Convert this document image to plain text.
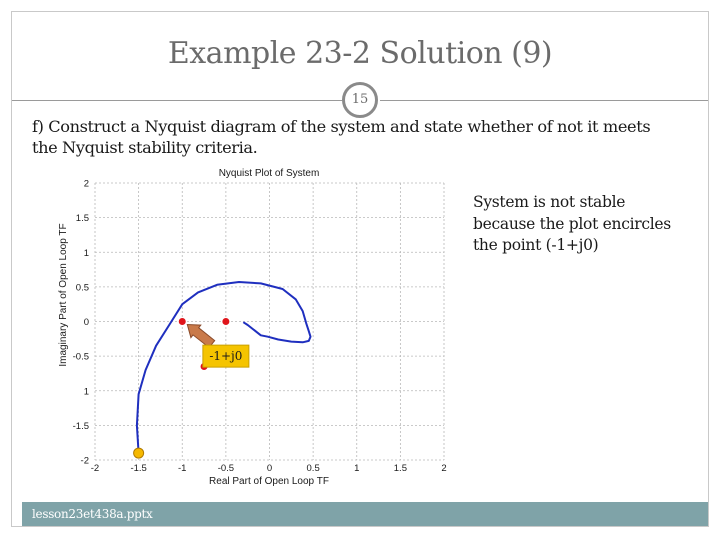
Example 23-2 Solution (9)
15
f) Construct a Nyquist diagram of the system and state whether of not it meets
the Nyquist stability criteria.
-2	-1.5	-1	-0.5	0	0.5	1	1.5	2
2
1.5
1
0.5
0
-0.5
1
-1.5
-2
Nyquist Plot of System
Real Part of Open Loop TF
Imaginary Part of Open Loop TF	-1+j0
System is not stable
because the plot encircles
the point (-1+j0)
lesson23et438a.pptx
